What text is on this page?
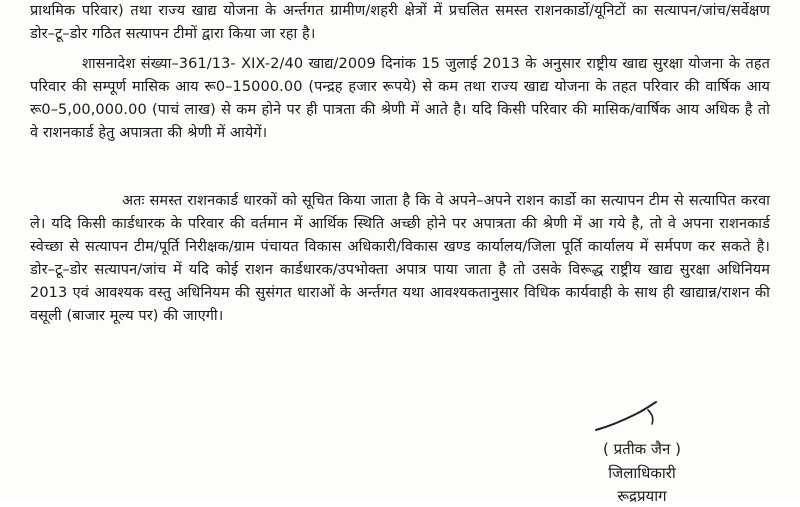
प्राथमिक परिवार) तथा राज्य खाद्य योजना के अर्न्तगत ग्रामीण/शहरी क्षेत्रों में प्रचलित समस्त राशनकार्डो/यूनिटों का सत्यापन/जांच/सर्वेक्षण डोर–टू–डोर गठित सत्यापन टीमों द्वारा किया जा रहा है।

शासनादेश संख्या–361/13- XIX-2/40 खाद्य/2009 दिनांक 15 जुलाई 2013 के अनुसार राष्ट्रीय खाद्य सुरक्षा योजना के तहत परिवार की सम्पूर्ण मासिक आय रू0–15000.00 (पन्द्रह हजार रूपये) से कम तथा राज्य खाद्य योजना के तहत परिवार की वार्षिक आय रू0–5,00,000.00 (पाचं लाख) से कम होने पर ही पात्रता की श्रेणी में आते है। यदि किसी परिवार की मासिक/वार्षिक आय अधिक है तो वे राशनकार्ड हेतु अपात्रता की श्रेणी में आयेगें।

अतः समस्त राशनकार्ड धारकों को सूचित किया जाता है कि वे अपने–अपने राशन कार्डो का सत्यापन टीम से सत्यापित करवा ले। यदि किसी कार्डधारक के परिवार की वर्तमान में आर्थिक स्थिति अच्छी होने पर अपात्रता की श्रेणी में आ गये है, तो वे अपना राशनकार्ड स्वेच्छा से सत्यापन टीम/पूर्ति निरीक्षक/ग्राम पंचायत विकास अधिकारी/विकास खण्ड कार्यालय/जिला पूर्ति कार्यालय में सर्मपण कर सकते है। डोर–टू–डोर सत्यापन/जांच में यदि कोई राशन कार्डधारक/उपभोक्ता अपात्र पाया जाता है तो उसके विरूद्ध राष्ट्रीय खाद्य सुरक्षा अधिनियम 2013 एवं आवश्यक वस्तु अधिनियम की सुसंगत धाराओं के अर्न्तगत यथा आवश्यकतानुसार विधिक कार्यवाही के साथ ही खाद्यान्न/राशन की वसूली (बाजार मूल्य पर) की जाएगी।

( प्रतीक जैन )
जिलाधिकारी
रूद्रप्रयाग
